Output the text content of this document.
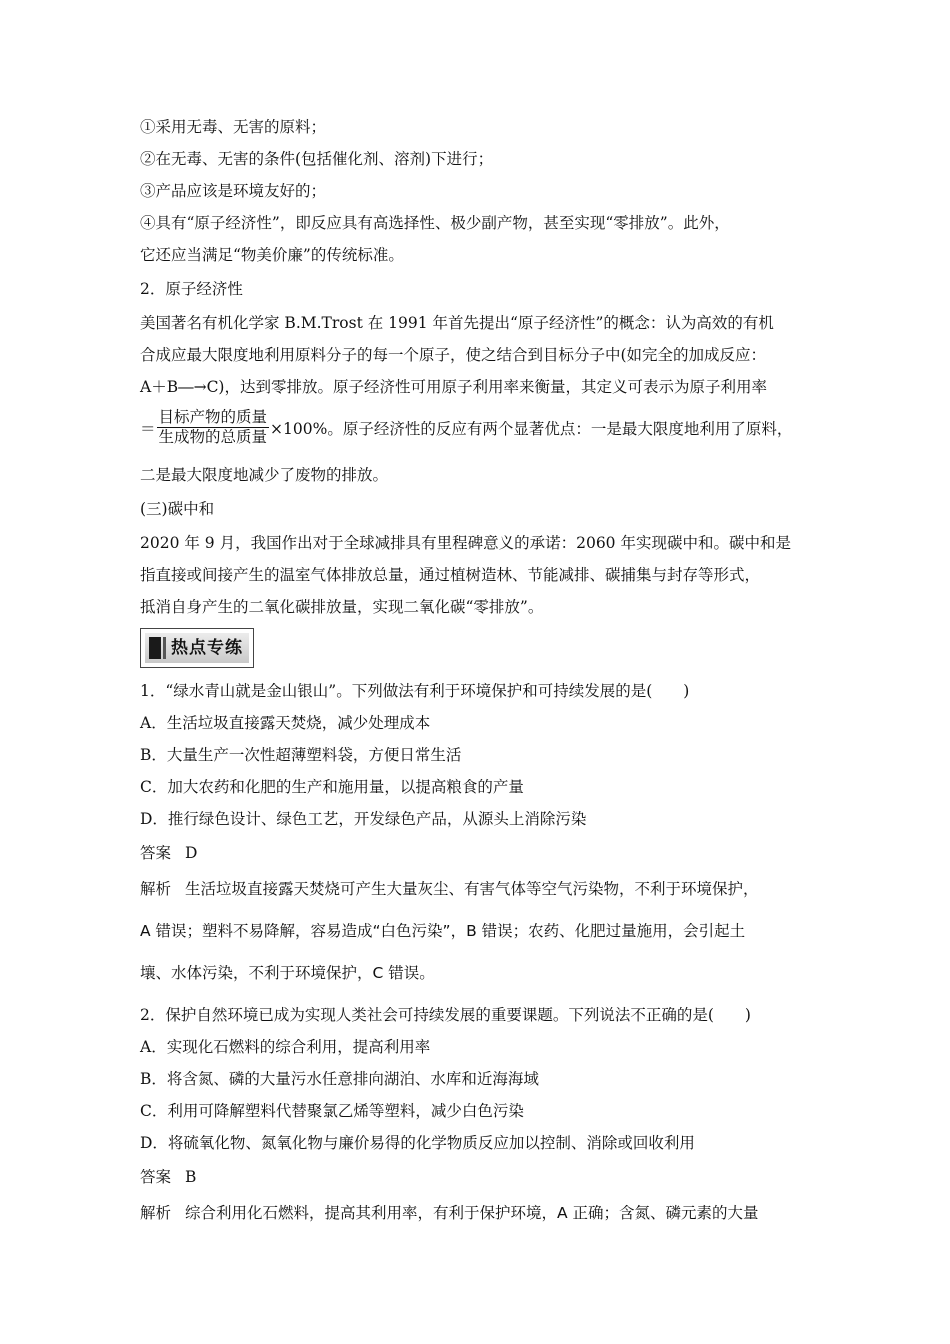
①采用无毒、无害的原料；
②在无毒、无害的条件(包括催化剂、溶剂)下进行；
③产品应该是环境友好的；
④具有“原子经济性”，即反应具有高选择性、极少副产物，甚至实现“零排放”。此外，
它还应当满足“物美价廉”的传统标准。
2．原子经济性
美国著名有机化学家 B.M.Trost 在 1991 年首先提出“原子经济性”的概念：认为高效的有机
合成应最大限度地利用原料分子的每一个原子，使之结合到目标分子中(如完全的加成反应：
A＋B―→C)，达到零排放。原子经济性可用原子利用率来衡量，其定义可表示为原子利用率
＝ $\frac{\text{目标产物的质量}}{\text{生成物的总质量}} \times 100\%$。原子经济性的反应有两个显著优点：一是最大限度地利用了原料，
二是最大限度地减少了废物的排放。
(三)碳中和
2020 年 9 月，我国作出对于全球减排具有里程碑意义的承诺：2060 年实现碳中和。碳中和是
指直接或间接产生的温室气体排放总量，通过植树造林、节能减排、碳捕集与封存等形式，
抵消自身产生的二氧化碳排放量，实现二氧化碳“零排放”。
热点专练
1．“绿水青山就是金山银山”。下列做法有利于环境保护和可持续发展的是(　　)
A．生活垃圾直接露天焚烧，减少处理成本
B．大量生产一次性超薄塑料袋，方便日常生活
C．加大农药和化肥的生产和施用量，以提高粮食的产量
D．推行绿色设计、绿色工艺，开发绿色产品，从源头上消除污染
答案 D
解析 生活垃圾直接露天焚烧可产生大量灰尘、有害气体等空气污染物，不利于环境保护，
A 错误；塑料不易降解，容易造成“白色污染”，B 错误；农药、化肥过量施用，会引起土
壤、水体污染，不利于环境保护，C 错误。
2．保护自然环境已成为实现人类社会可持续发展的重要课题。下列说法不正确的是(　　)
A．实现化石燃料的综合利用，提高利用率
B．将含氮、磷的大量污水任意排向湖泊、水库和近海海域
C．利用可降解塑料代替聚氯乙烯等塑料，减少白色污染
D．将硫氧化物、氮氧化物与廉价易得的化学物质反应加以控制、消除或回收利用
答案 B
解析 综合利用化石燃料，提高其利用率，有利于保护环境，A 正确；含氮、磷元素的大量
